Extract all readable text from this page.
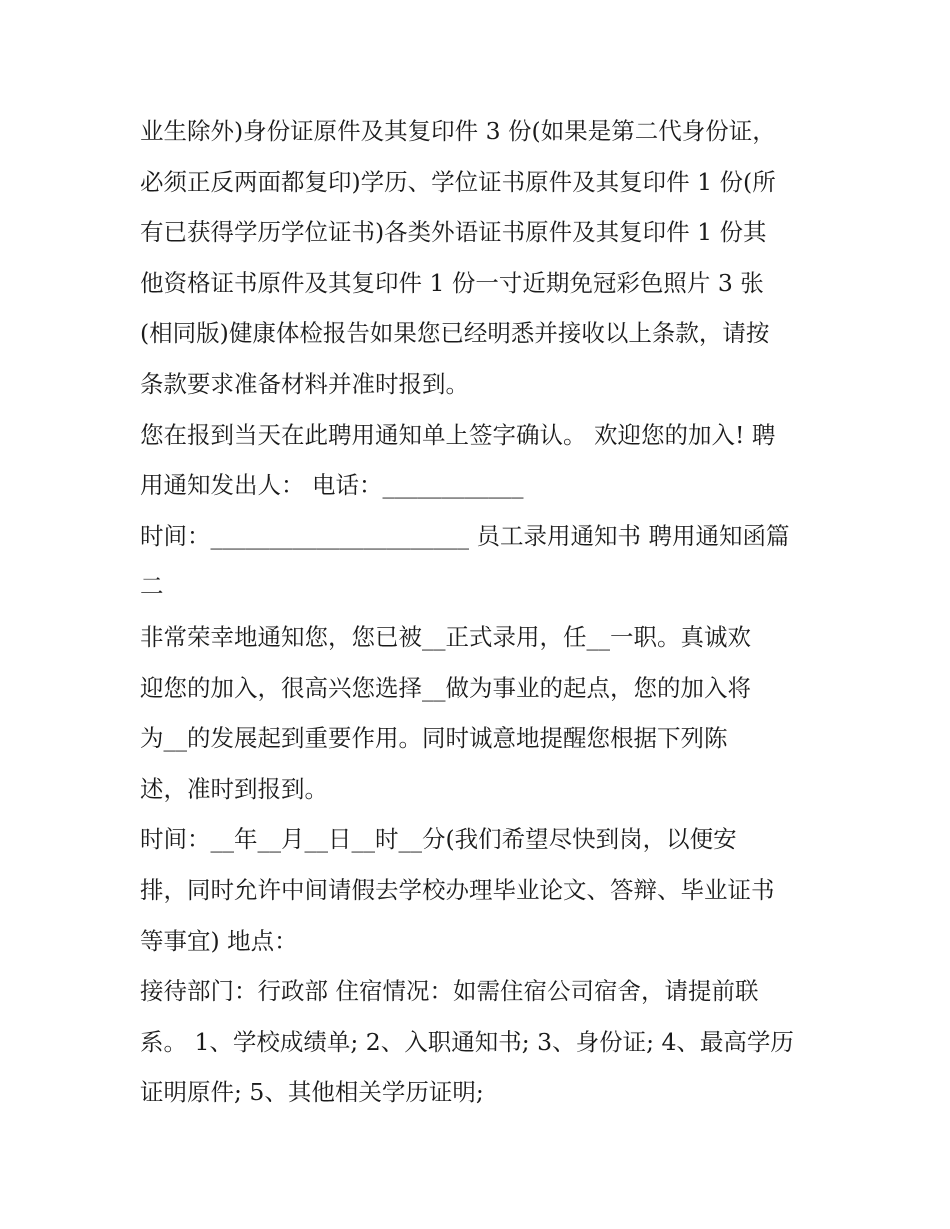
业生除外)身份证原件及其复印件 3 份(如果是第二代身份证，
必须正反两面都复印)学历、学位证书原件及其复印件 1 份(所
有已获得学历学位证书)各类外语证书原件及其复印件 1 份其
他资格证书原件及其复印件 1 份一寸近期免冠彩色照片 3 张
(相同版)健康体检报告如果您已经明悉并接收以上条款，请按
条款要求准备材料并准时报到。
您在报到当天在此聘用通知单上签字确认。 欢迎您的加入! 聘
用通知发出人： 电话：____________
时间：______________________ 员工录用通知书 聘用通知函篇
二
非常荣幸地通知您，您已被__正式录用，任__一职。真诚欢
迎您的加入，很高兴您选择__做为事业的起点，您的加入将
为__的发展起到重要作用。同时诚意地提醒您根据下列陈
述，准时到报到。
时间：__年__月__日__时__分(我们希望尽快到岗，以便安
排，同时允许中间请假去学校办理毕业论文、答辩、毕业证书
等事宜) 地点：
接待部门：行政部 住宿情况：如需住宿公司宿舍，请提前联
系。 1、学校成绩单; 2、入职通知书; 3、身份证; 4、最高学历
证明原件; 5、其他相关学历证明;
